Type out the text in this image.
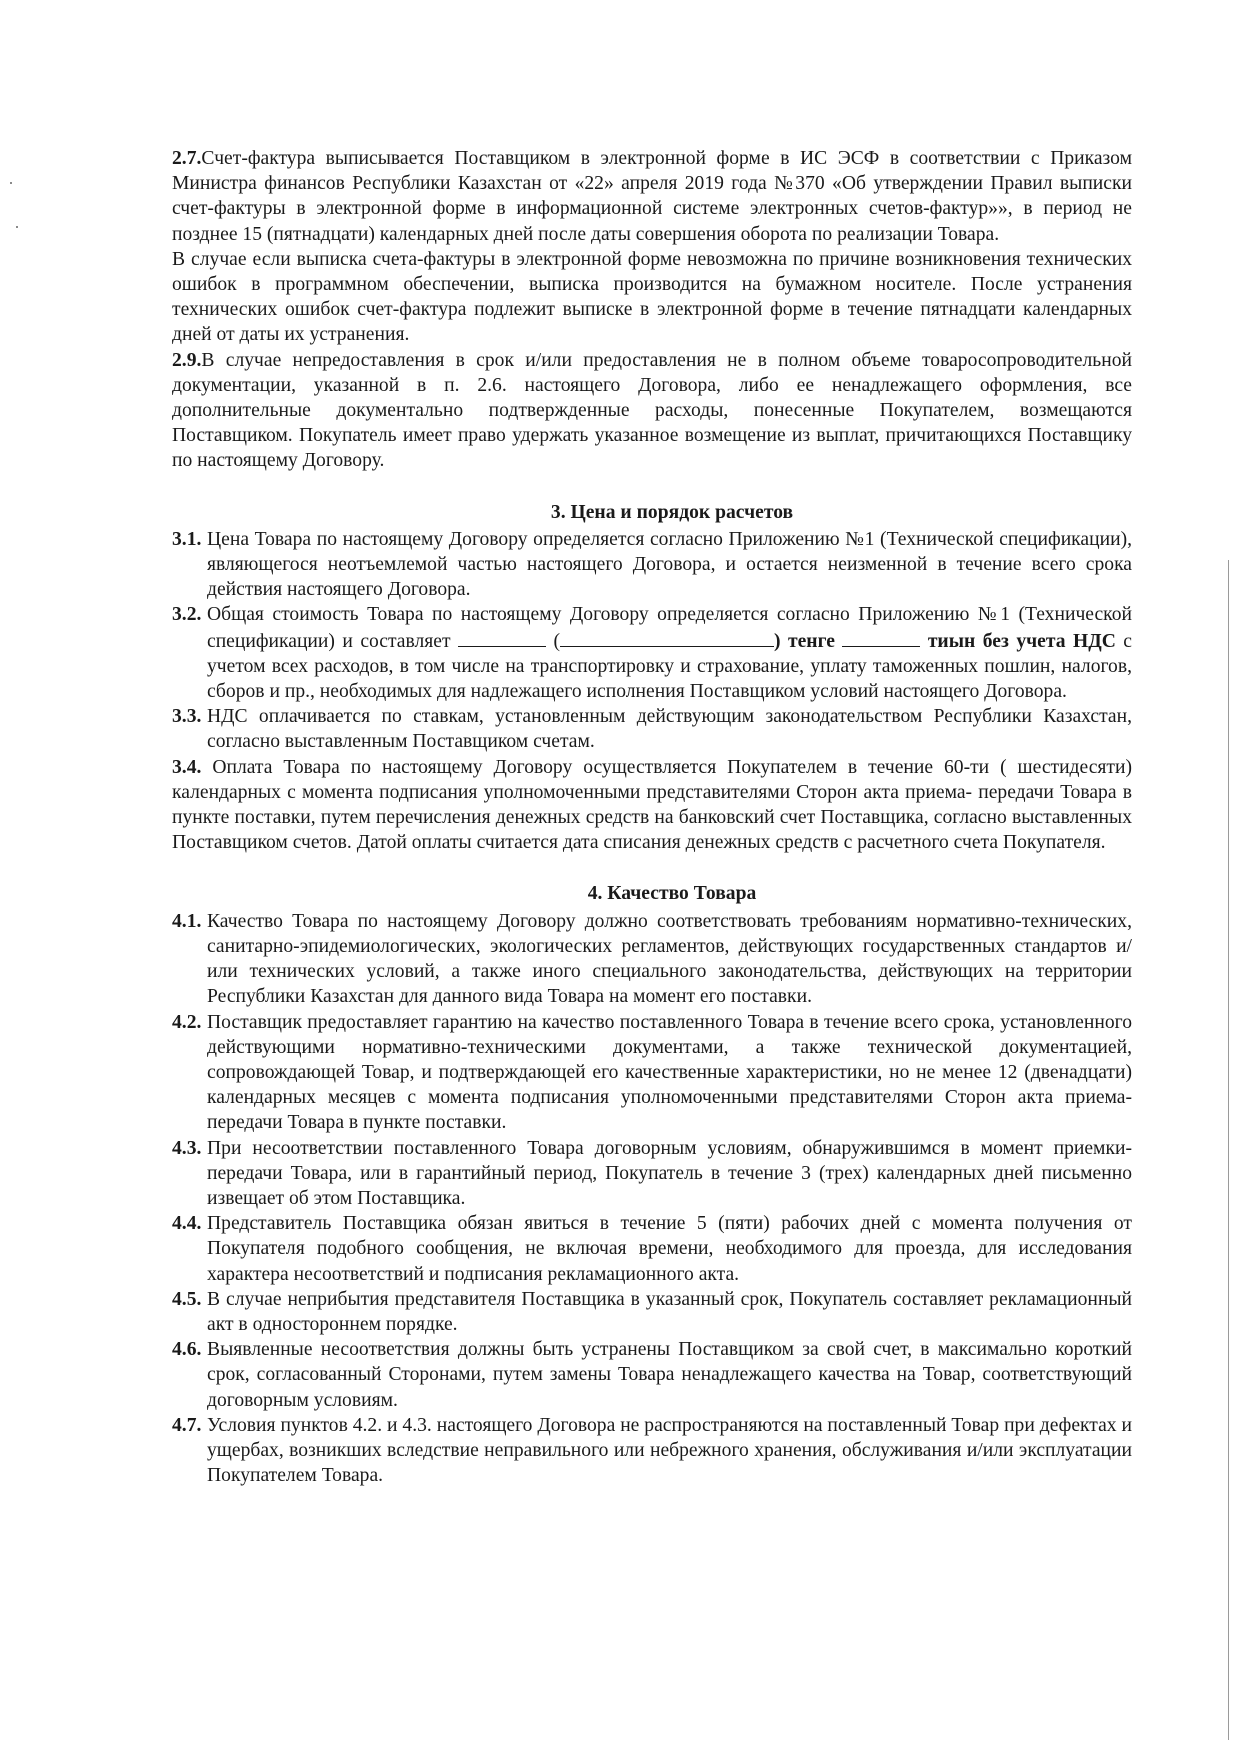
2.7.Счет-фактура выписывается Поставщиком в электронной форме в ИС ЭСФ в соответствии с Приказом Министра финансов Республики Казахстан от «22» апреля 2019 года №370 «Об утверждении Правил выписки счет-фактуры в электронной форме в информационной системе электронных счетов-фактур»», в период не позднее 15 (пятнадцати) календарных дней после даты совершения оборота по реализации Товара.

В случае если выписка счета-фактуры в электронной форме невозможна по причине возникновения технических ошибок в программном обеспечении, выписка производится на бумажном носителе. После устранения технических ошибок счет-фактура подлежит выписке в электронной форме в течение пятнадцати календарных дней от даты их устранения.

2.9.В случае непредоставления в срок и/или предоставления не в полном объеме товаросопроводительной документации, указанной в п. 2.6. настоящего Договора, либо ее ненадлежащего оформления, все дополнительные документально подтвержденные расходы, понесенные Покупателем, возмещаются Поставщиком. Покупатель имеет право удержать указанное возмещение из выплат, причитающихся Поставщику по настоящему Договору.

3. Цена и порядок расчетов
3.1. Цена Товара по настоящему Договору определяется согласно Приложению №1 (Технической спецификации), являющегося неотъемлемой частью настоящего Договора, и остается неизменной в течение всего срока действия настоящего Договора.
3.2. Общая стоимость Товара по настоящему Договору определяется согласно Приложению №1 (Технической спецификации) и составляет	(	) тенге	тиын без учета НДС с учетом всех расходов, в том числе на транспортировку и страхование, уплату таможенных пошлин, налогов, сборов и пр., необходимых для надлежащего исполнения Поставщиком условий настоящего Договора.
3.3. НДС оплачивается по ставкам, установленным действующим законодательством Республики Казахстан, согласно выставленным Поставщиком счетам.

3.4. Оплата Товара по настоящему Договору осуществляется Покупателем в течение 60-ти ( шестидесяти) календарных с момента подписания уполномоченными представителями Сторон акта приема- передачи Товара в пункте поставки, путем перечисления денежных средств на банковский счет Поставщика, согласно выставленных Поставщиком счетов. Датой оплаты считается дата списания денежных средств с расчетного счета Покупателя.

4. Качество Товара
4.1. Качество Товара по настоящему Договору должно соответствовать требованиям нормативно-технических, санитарно-эпидемиологических, экологических регламентов, действующих государственных стандартов и/или технических условий, а также иного специального законодательства, действующих на территории Республики Казахстан для данного вида Товара на момент его поставки.
4.2. Поставщик предоставляет гарантию на качество поставленного Товара в течение всего срока, установленного действующими нормативно-техническими документами, а также технической документацией, сопровождающей Товар, и подтверждающей его качественные характеристики, но не менее 12 (двенадцати) календарных месяцев с момента подписания уполномоченными представителями Сторон акта приема-передачи Товара в пункте поставки.
4.3. При несоответствии поставленного Товара договорным условиям, обнаружившимся в момент приемки-передачи Товара, или в гарантийный период, Покупатель в течение 3 (трех) календарных дней письменно извещает об этом Поставщика.
4.4. Представитель Поставщика обязан явиться в течение 5 (пяти) рабочих дней с момента получения от Покупателя подобного сообщения, не включая времени, необходимого для проезда, для исследования характера несоответствий и подписания рекламационного акта.
4.5. В случае неприбытия представителя Поставщика в указанный срок, Покупатель составляет рекламационный акт в одностороннем порядке.
4.6. Выявленные несоответствия должны быть устранены Поставщиком за свой счет, в максимально короткий срок, согласованный Сторонами, путем замены Товара ненадлежащего качества на Товар, соответствующий договорным условиям.
4.7. Условия пунктов 4.2. и 4.3. настоящего Договора не распространяются на поставленный Товар при дефектах и ущербах, возникших вследствие неправильного или небрежного хранения, обслуживания и/или эксплуатации Покупателем Товара.
